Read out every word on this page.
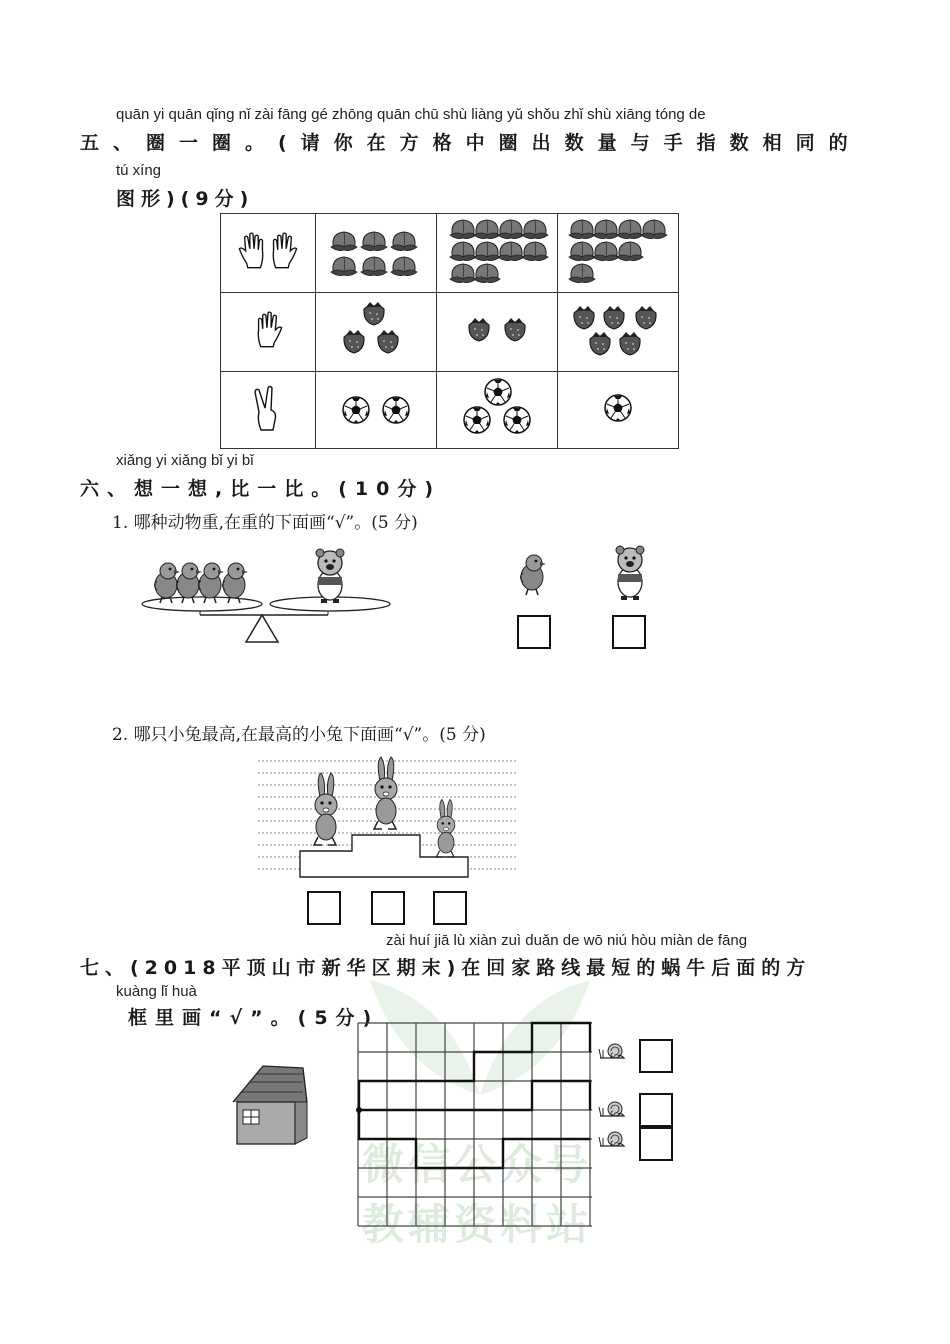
quān yi quān qǐng nǐ zài fāng gé zhōng quān chū shù liàng yǔ shǒu zhǐ shù xiāng tóng de
五、圈一圈。(请你在方格中圈出数量与手指数相同的
tú xíng
图形)(9分)

xiǎng yi xiǎng bǐ yi bǐ
六、想一想,比一比。(10分)
1. 哪种动物重,在重的下面画“√”。(5 分)
2. 哪只小兔最高,在最高的小兔下面画“√”。(5 分)
zài huí jiā lù xiàn zuì duǎn de wō niú hòu miàn de fāng
七、(2018平顶山市新华区期末)在回家路线最短的蜗牛后面的方
kuàng lǐ huà
框里画“√”。(5分)
微信公众号
教辅资料站
